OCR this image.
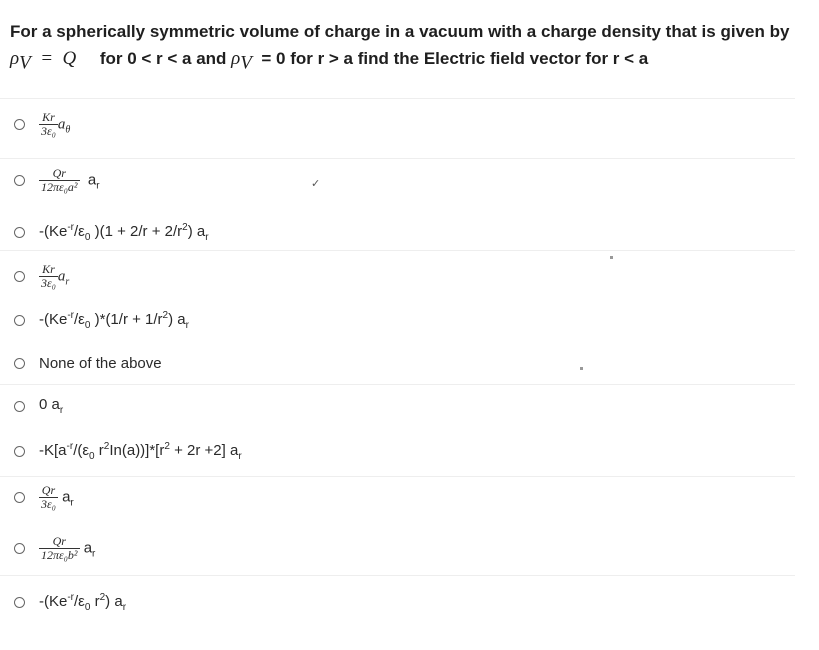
For a spherically symmetric volume of charge in a vacuum with a charge density that is given by
$\rho_V = Q$ for 0 < r < a and $\rho_V = 0$ for r > a find the Electric field vector for r < a
$\frac{Kr}{\text{3ε₀}} a_\theta$
$\frac{Qr}{\text{12πε₀a²}} a_r$	✓
$-(Ke^{-r}/\varepsilon_0$ )$(1 + 2/r + 2/r^2)$ $a_r$
$\frac{Kr}{\text{3ε₀}} a_r$
$-(Ke^{-r}/\varepsilon_0$ )$*(1/r + 1/r^2)$ $a_r$
None of the above
0 $a_r$
$-K[a^{-r}/(\varepsilon_0$ $r^2In(a))]*[r^2 + 2r +2]$ $a_r$
$\frac{Qr}{\text{3ε₀}} a_r$
$\frac{Qr}{\text{12πε₀b²}} a_r$
$-(Ke^{-r}/\varepsilon_0$ $r^2$) $a_r$
